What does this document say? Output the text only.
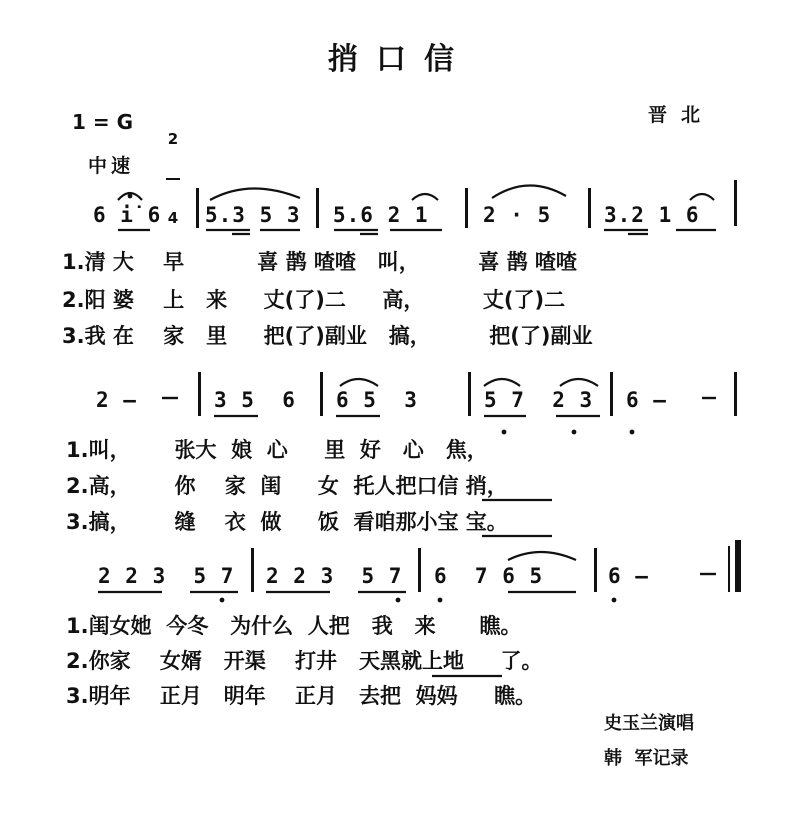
捎口信
1 = G

2

4

晋北
中速
6 i̇ 6 5.3 5 3 5.6 2 1	2 · 5	3.2 1 6
1.清 大    早          喜 鹊 喳喳   叫，        喜 鹊 喳喳
2.阳 婆    上   来     丈(了)二     高，        丈(了)二
3.我 在    家   里     把(了)副业   搞，        把(了)副业
2 —	3 5  6 6 5  3	5 7  2 3 6 —
1.叫，      张大  娘  心     里  好   心   焦，
2.高，      你    家  闺     女  托人把口信 捎，
3.搞，      缝    衣  做     饭  看咱那小宝 宝。
2 2 3  5 7 2 2 3  5 7 6  7 6 5	6 —
1.闺女她  今冬   为什么  人把   我   来      瞧。
2.你家    女婿   开渠    打井   天黑就上地     了。
3.明年    正月   明年    正月   去把  妈妈     瞧。
史玉兰演唱
韩  军记录
